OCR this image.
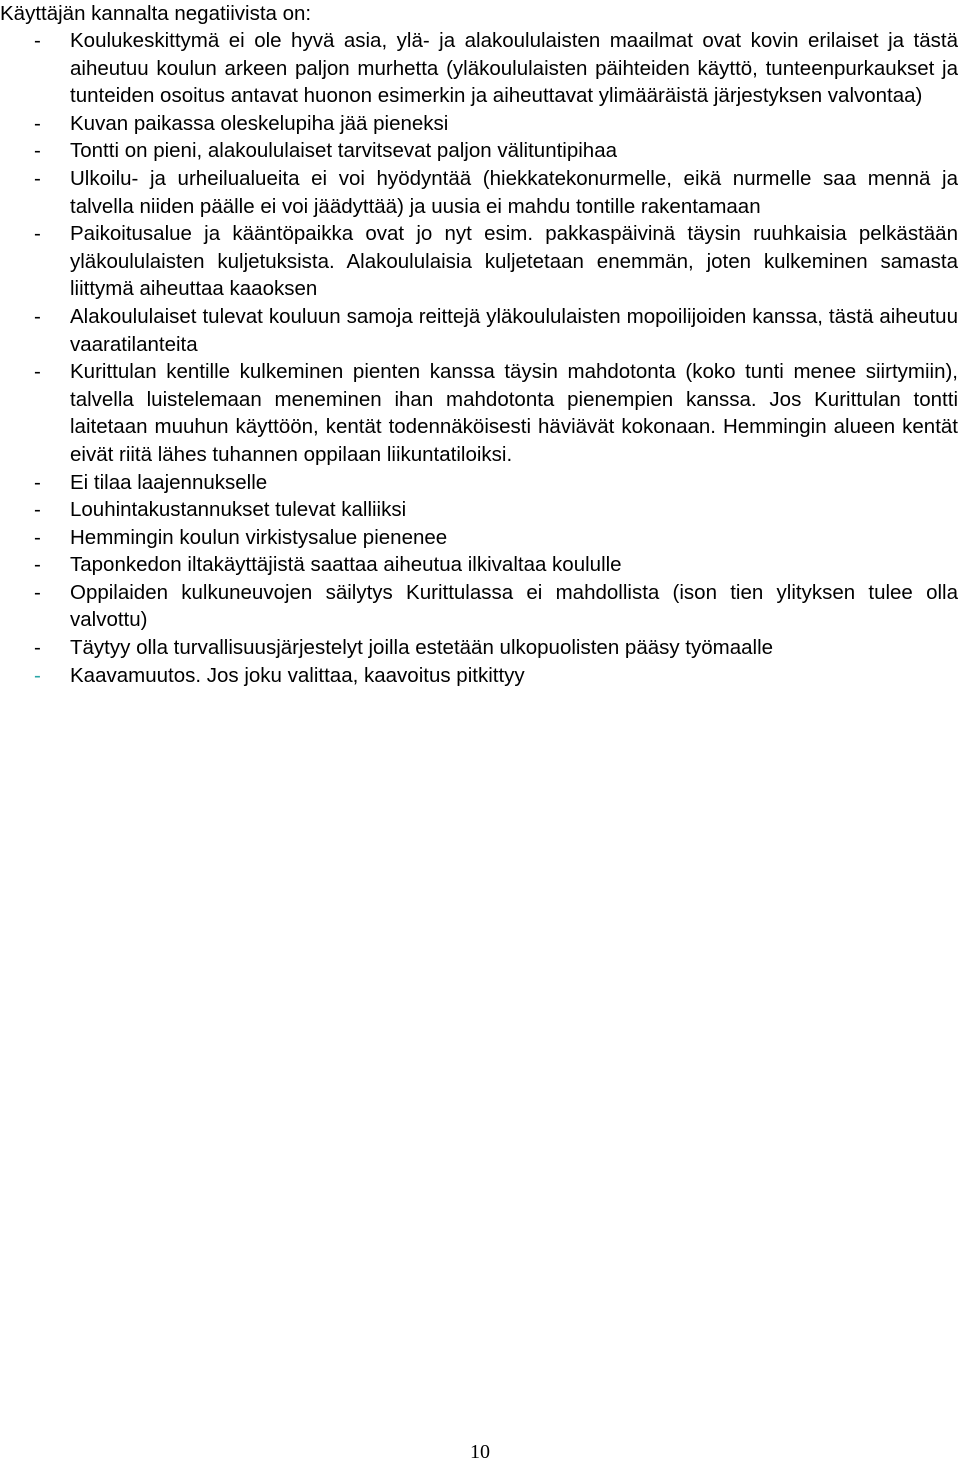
Käyttäjän kannalta negatiivista on:
- Koulukeskittymä ei ole hyvä asia, ylä- ja alakoululaisten maailmat ovat kovin erilaiset ja tästä aiheutuu koulun arkeen paljon murhetta (yläkoululaisten päihteiden käyttö, tunteenpurkaukset ja tunteiden osoitus antavat huonon esimerkin ja aiheuttavat ylimääräistä järjestyksen valvontaa)
- Kuvan paikassa oleskelupiha jää pieneksi
- Tontti on pieni, alakoululaiset tarvitsevat paljon välituntipihaa
- Ulkoilu- ja urheilualueita ei voi hyödyntää (hiekkatekonurmelle, eikä nurmelle saa mennä ja talvella niiden päälle ei voi jäädyttää) ja uusia ei mahdu tontille rakentamaan
- Paikoitusalue ja kääntöpaikka ovat jo nyt esim. pakkaspäivinä täysin ruuhkaisia pelkästään yläkoululaisten kuljetuksista. Alakoululaisia kuljetetaan enemmän, joten kulkeminen samasta liittymä aiheuttaa kaaoksen
- Alakoululaiset tulevat kouluun samoja reittejä yläkoululaisten mopoilijoiden kanssa, tästä aiheutuu vaaratilanteita
- Kurittulan kentille kulkeminen pienten kanssa täysin mahdotonta (koko tunti menee siirtymiin), talvella luistelemaan meneminen ihan mahdotonta pienempien kanssa. Jos Kurittulan tontti laitetaan muuhun käyttöön, kentät todennäköisesti häviävät kokonaan. Hemmingin alueen kentät eivät riitä lähes tuhannen oppilaan liikuntatiloiksi.
- Ei tilaa laajennukselle
- Louhintakustannukset tulevat kalliiksi
- Hemmingin koulun virkistysalue pienenee
- Taponkedon iltakäyttäjistä saattaa aiheutua ilkivaltaa koululle
- Oppilaiden kulkuneuvojen säilytys Kurittulassa ei mahdollista (ison tien ylityksen tulee olla valvottu)
- Täytyy olla turvallisuusjärjestelyt joilla estetään ulkopuolisten pääsy työmaalle
- Kaavamuutos. Jos joku valittaa, kaavoitus pitkittyy
10
